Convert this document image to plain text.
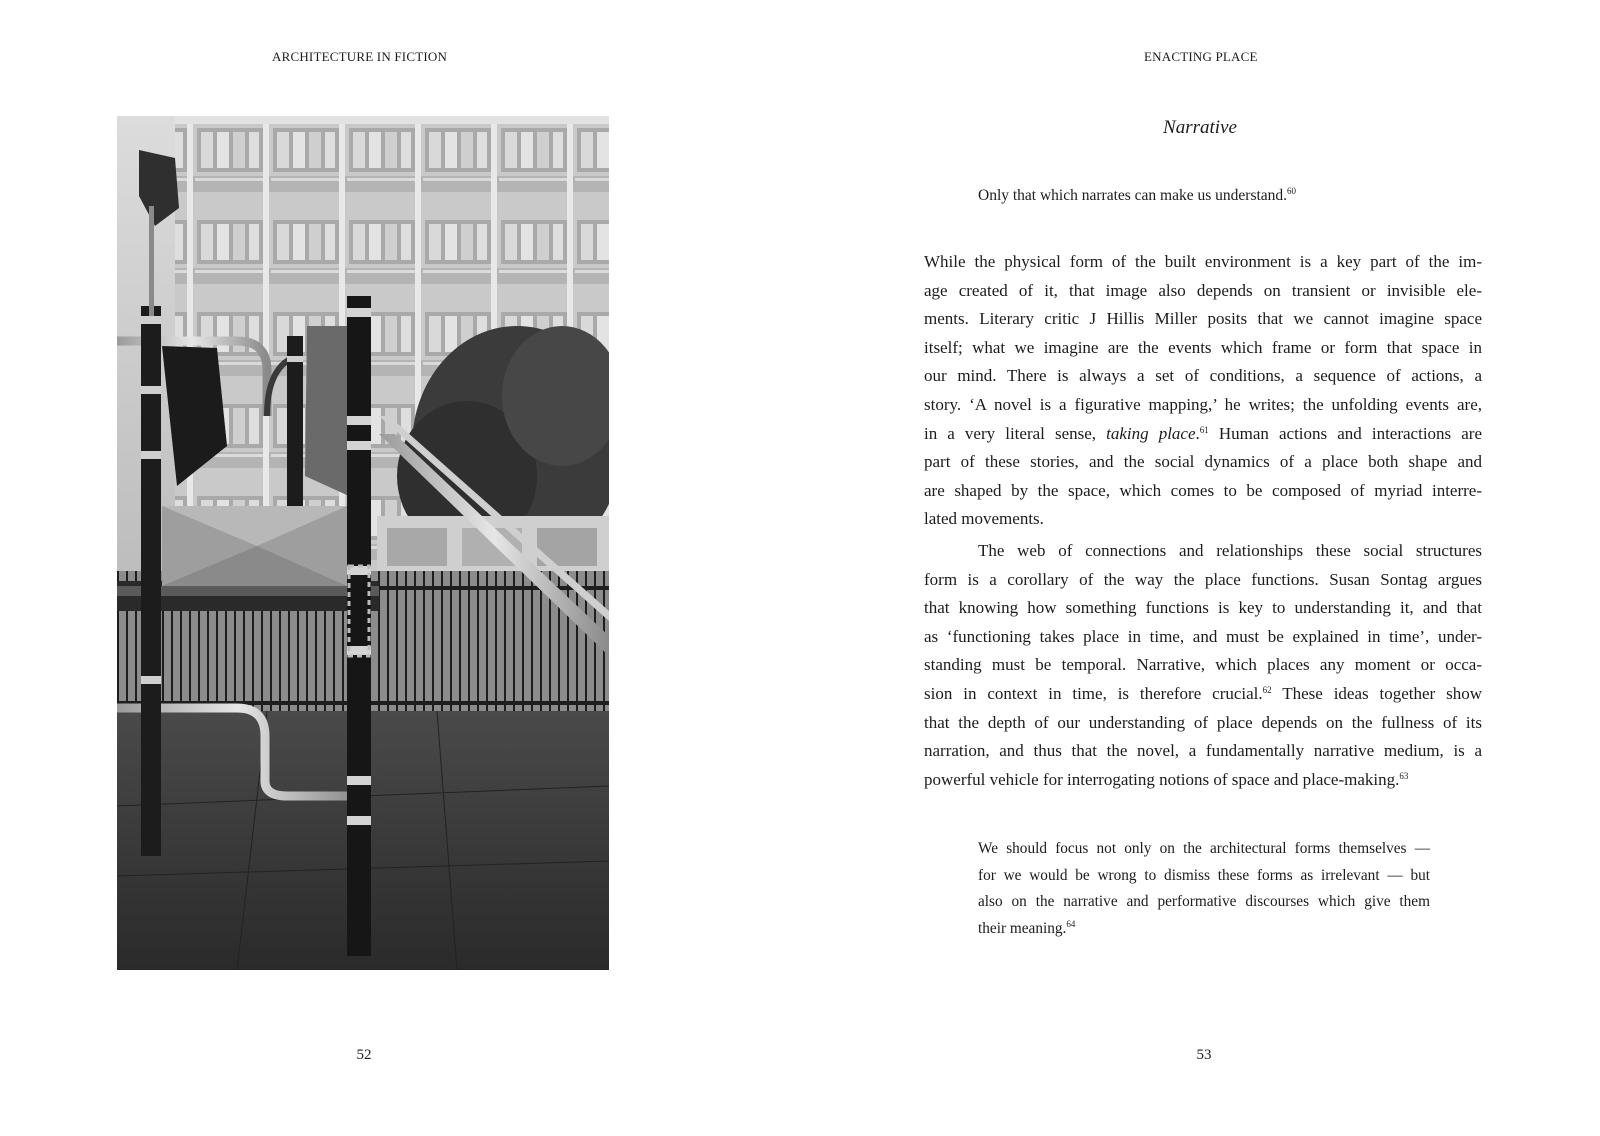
ARCHITECTURE IN FICTION
52
ENACTING PLACE
Narrative
Only that which narrates can make us understand.$^{60}$
While the physical form of the built environment is a key part of the im-
age created of it, that image also depends on transient or invisible ele-
ments. Literary critic J Hillis Miller posits that we cannot imagine space
itself; what we imagine are the events which frame or form that space in
our mind. There is always a set of conditions, a sequence of actions, a
story. ‘A novel is a figurative mapping,’ he writes; the unfolding events are,
in a very literal sense, taking place.$^{61}$ Human actions and interactions are
part of these stories, and the social dynamics of a place both shape and
are shaped by the space, which comes to be composed of myriad interre-
lated movements.
The web of connections and relationships these social structures
form is a corollary of the way the place functions. Susan Sontag argues
that knowing how something functions is key to understanding it, and that
as ‘functioning takes place in time, and must be explained in time’, under-
standing must be temporal. Narrative, which places any moment or occa-
sion in context in time, is therefore crucial.$^{62}$ These ideas together show
that the depth of our understanding of place depends on the fullness of its
narration, and thus that the novel, a fundamentally narrative medium, is a
powerful vehicle for interrogating notions of space and place-making.$^{63}$
We should focus not only on the architectural forms themselves —
for we would be wrong to dismiss these forms as irrelevant — but
also on the narrative and performative discourses which give them
their meaning.$^{64}$
53
